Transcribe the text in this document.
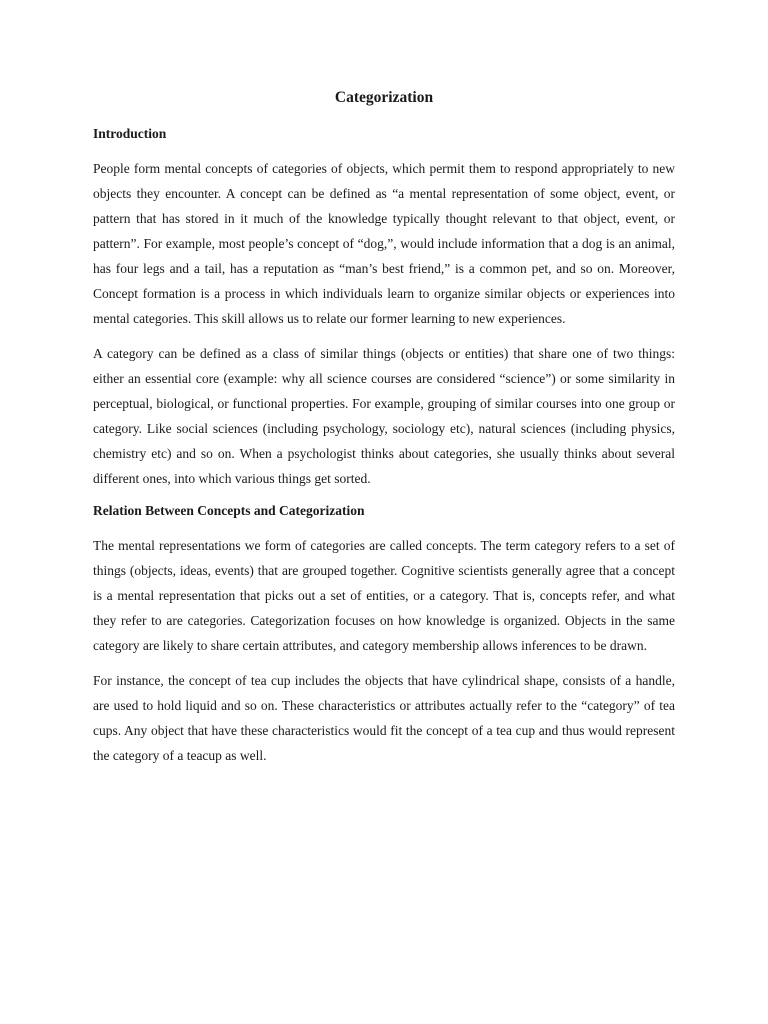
Categorization
Introduction

People form mental concepts of categories of objects, which permit them to respond appropriately to new objects they encounter. A concept can be defined as “a mental representation of some object, event, or pattern that has stored in it much of the knowledge typically thought relevant to that object, event, or pattern”. For example, most people’s concept of “dog,”, would include information that a dog is an animal, has four legs and a tail, has a reputation as “man’s best friend,” is a common pet, and so on. Moreover, Concept formation is a process in which individuals learn to organize similar objects or experiences into mental categories. This skill allows us to relate our former learning to new experiences.

A category can be defined as a class of similar things (objects or entities) that share one of two things: either an essential core (example: why all science courses are considered “science”) or some similarity in perceptual, biological, or functional properties. For example, grouping of similar courses into one group or category. Like social sciences (including psychology, sociology etc), natural sciences (including physics, chemistry etc) and so on. When a psychologist thinks about categories, she usually thinks about several different ones, into which various things get sorted.

Relation Between Concepts and Categorization

The mental representations we form of categories are called concepts. The term category refers to a set of things (objects, ideas, events) that are grouped together. Cognitive scientists generally agree that a concept is a mental representation that picks out a set of entities, or a category. That is, concepts refer, and what they refer to are categories. Categorization focuses on how knowledge is organized. Objects in the same category are likely to share certain attributes, and category membership allows inferences to be drawn.

For instance, the concept of tea cup includes the objects that have cylindrical shape, consists of a handle, are used to hold liquid and so on. These characteristics or attributes actually refer to the “category” of tea cups. Any object that have these characteristics would fit the concept of a tea cup and thus would represent the category of a teacup as well.
